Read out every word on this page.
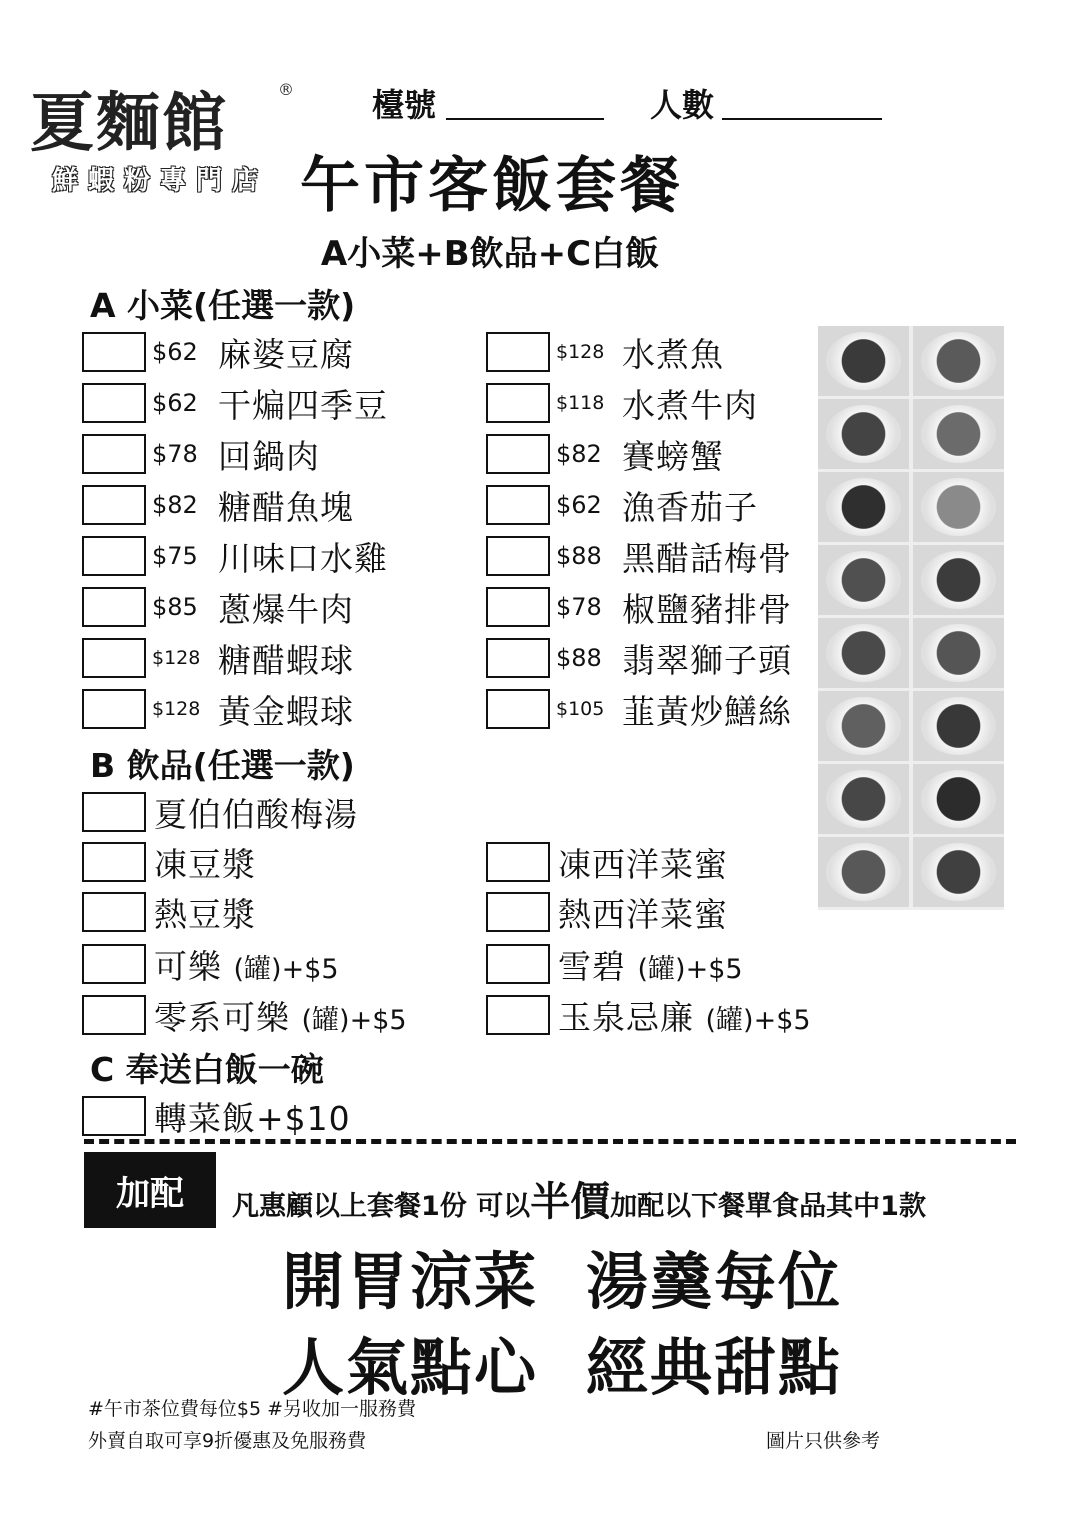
夏麵館	®
鮮蝦粉專門店
檯號	人數
午市客飯套餐
A小菜+B飲品+C白飯
A 小菜(任選一款)
$62 麻婆豆腐
$62 干煸四季豆
$78 回鍋肉
$82 糖醋魚塊
$75 川味口水雞
$85 蔥爆牛肉
$128 糖醋蝦球
$128 黃金蝦球
$128 水煮魚
$118 水煮牛肉
$82 賽螃蟹
$62 漁香茄子
$88 黑醋話梅骨
$78 椒鹽豬排骨
$88 翡翠獅子頭
$105 韮黃炒鱔絲
B 飲品(任選一款)
夏伯伯酸梅湯
凍豆漿
熱豆漿
可樂 (罐)+$5
零系可樂 (罐)+$5
凍西洋菜蜜
熱西洋菜蜜
雪碧 (罐)+$5
玉泉忌廉 (罐)+$5
C 奉送白飯一碗
轉菜飯+$10
加配	凡惠顧以上套餐1份 可以半價加配以下餐單食品其中1款
開胃涼菜 湯羹每位
人氣點心 經典甜點
#午市茶位費每位$5 #另收加一服務費
外賣自取可享9折優惠及免服務費	圖片只供參考
